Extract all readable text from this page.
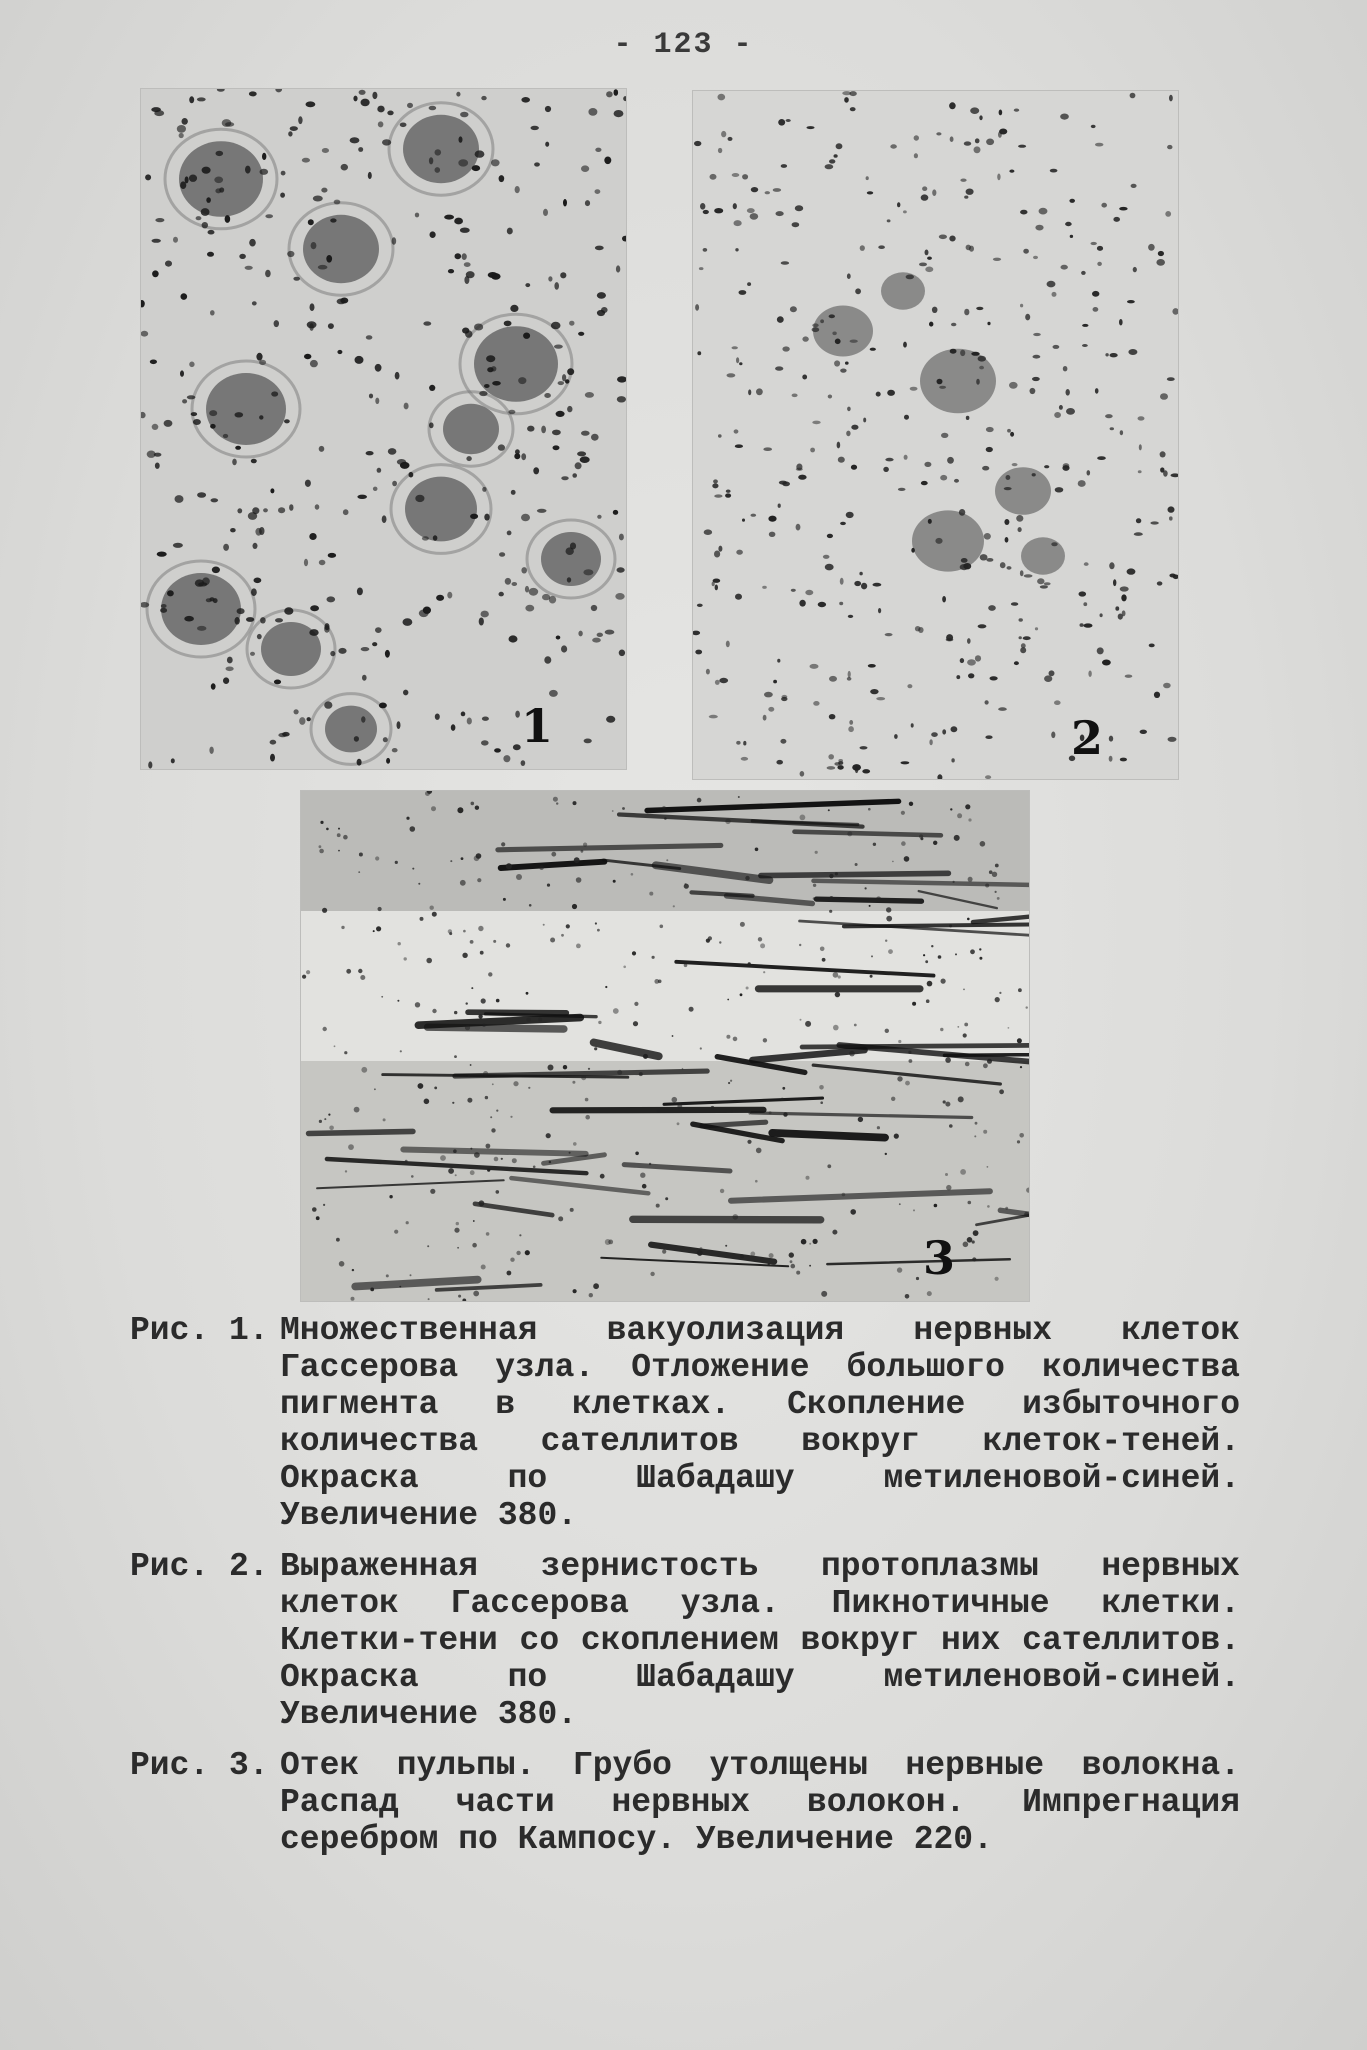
- 123 -
1	2
3
Рис. 1. Множественная вакуолизация нервных клеток Гассерова узла. Отложение большого количества пигмента в клетках. Скопление избыточного количества сателлитов вокруг клеток-теней. Окраска по Шабадашу метиленовой-синей. Увеличение 380.
Рис. 2. Выраженная зернистость протоплазмы нервных клеток Гассерова узла. Пикнотичные клетки. Клетки-тени со скоплением вокруг них сателлитов. Окраска по Шабадашу метиленовой-синей. Увеличение 380.
Рис. 3. Отек пульпы. Грубо утолщены нервные волокна. Распад части нервных волокон. Импрегнация серебром по Кампосу. Увеличение 220.
